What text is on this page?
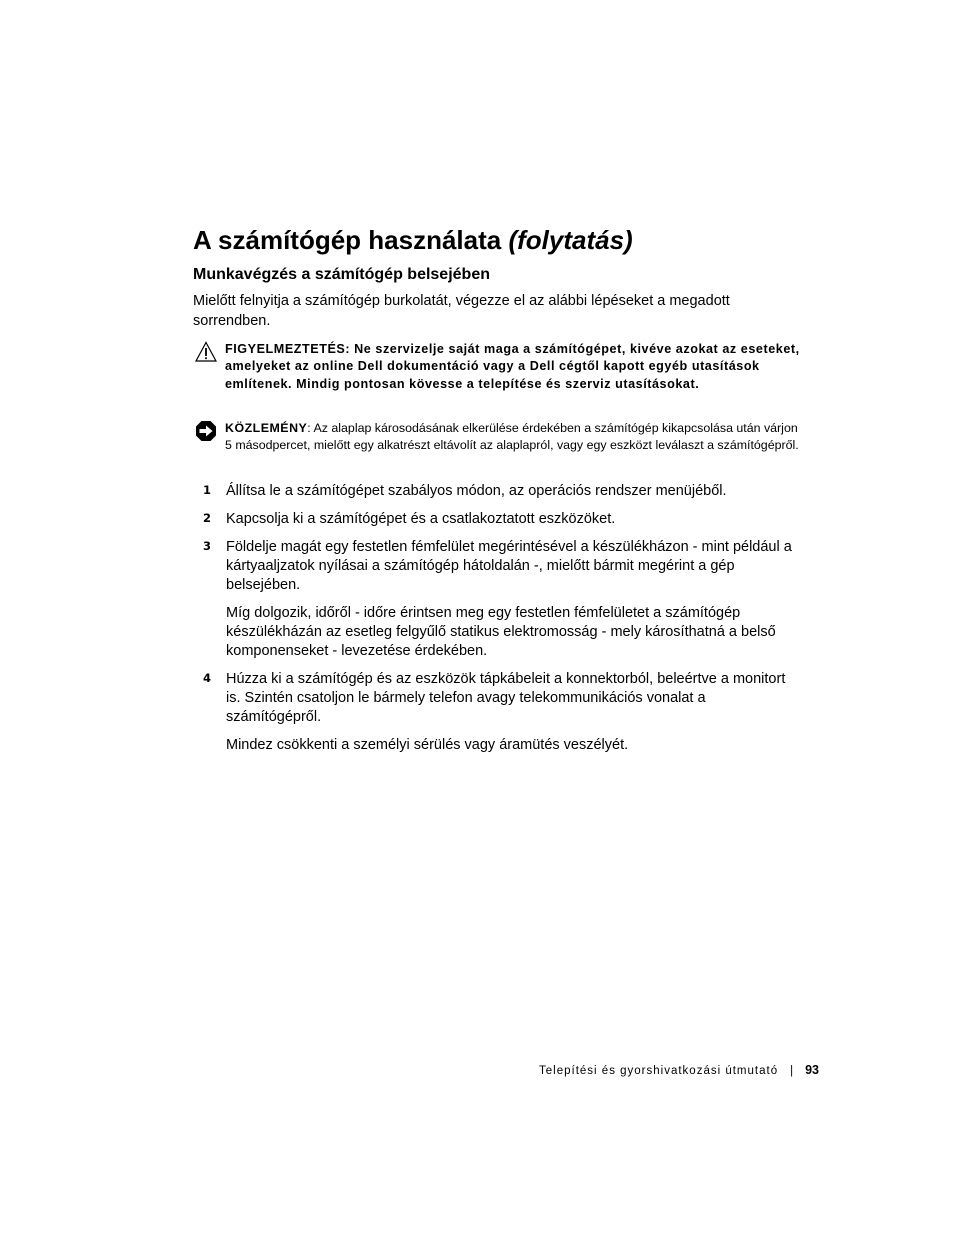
A számítógép használata (folytatás)
Munkavégzés a számítógép belsejében

Mielőtt felnyitja a számítógép burkolatát, végezze el az alábbi lépéseket a megadott sorrendben.

FIGYELMEZTETÉS: Ne szervizelje saját maga a számítógépet, kivéve azokat az eseteket, amelyeket az online Dell dokumentáció vagy a Dell cégtől kapott egyéb utasítások említenek. Mindig pontosan kövesse a telepítése és szerviz utasításokat.
KÖZLEMÉNY: Az alaplap károsodásának elkerülése érdekében a számítógép kikapcsolása után várjon 5 másodpercet, mielőtt egy alkatrészt eltávolít az alaplapról, vagy egy eszközt leválaszt a számítógépről.
1 Állítsa le a számítógépet szabályos módon, az operációs rendszer menüjéből.

2 Kapcsolja ki a számítógépet és a csatlakoztatott eszközöket.

3 Földelje magát egy festetlen fémfelület megérintésével a készülékházon - mint például a kártyaaljzatok nyílásai a számítógép hátoldalán -, mielőtt bármit megérint a gép belsejében.

Míg dolgozik, időről - időre érintsen meg egy festetlen fémfelületet a számítógép készülékházán az esetleg felgyűlő statikus elektromosság - mely károsíthatná a belső komponenseket - levezetése érdekében.

4 Húzza ki a számítógép és az eszközök tápkábeleit a konnektorból, beleértve a monitort is. Szintén csatoljon le bármely telefon avagy telekommunikációs vonalat a számítógépről.

Mindez csökkenti a személyi sérülés vagy áramütés veszélyét.

Telepítési és gyorshivatkozási útmutató | 93
